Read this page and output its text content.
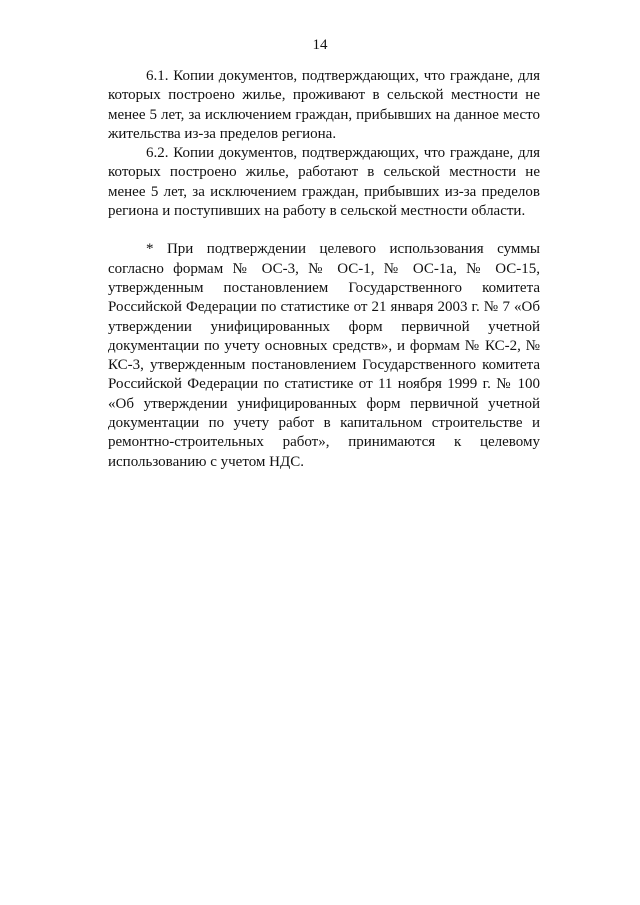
14

6.1. Копии документов, подтверждающих, что граждане, для которых построено жилье, проживают в сельской местности не менее 5 лет, за исключением граждан, прибывших на данное место жительства из-за пределов региона.

6.2. Копии документов, подтверждающих, что граждане, для которых построено жилье, работают в сельской местности не менее 5 лет, за исключением граждан, прибывших из-за пределов региона и поступивших на работу в сельской местности области.

* При подтверждении целевого использования суммы согласно формам № ОС-3, № ОС-1, № ОС-1а, № ОС-15, утвержденным постановлением Государственного комитета Российской Федерации по статистике от 21 января 2003 г. № 7 «Об утверждении унифицированных форм первичной учетной документации по учету основных средств», и формам № КС-2, № КС-3, утвержденным постановлением Государственного комитета Российской Федерации по статистике от 11 ноября 1999 г. № 100 «Об утверждении унифицированных форм первичной учетной документации по учету работ в капитальном строительстве и ремонтно-строительных работ», принимаются к целевому использованию с учетом НДС.
